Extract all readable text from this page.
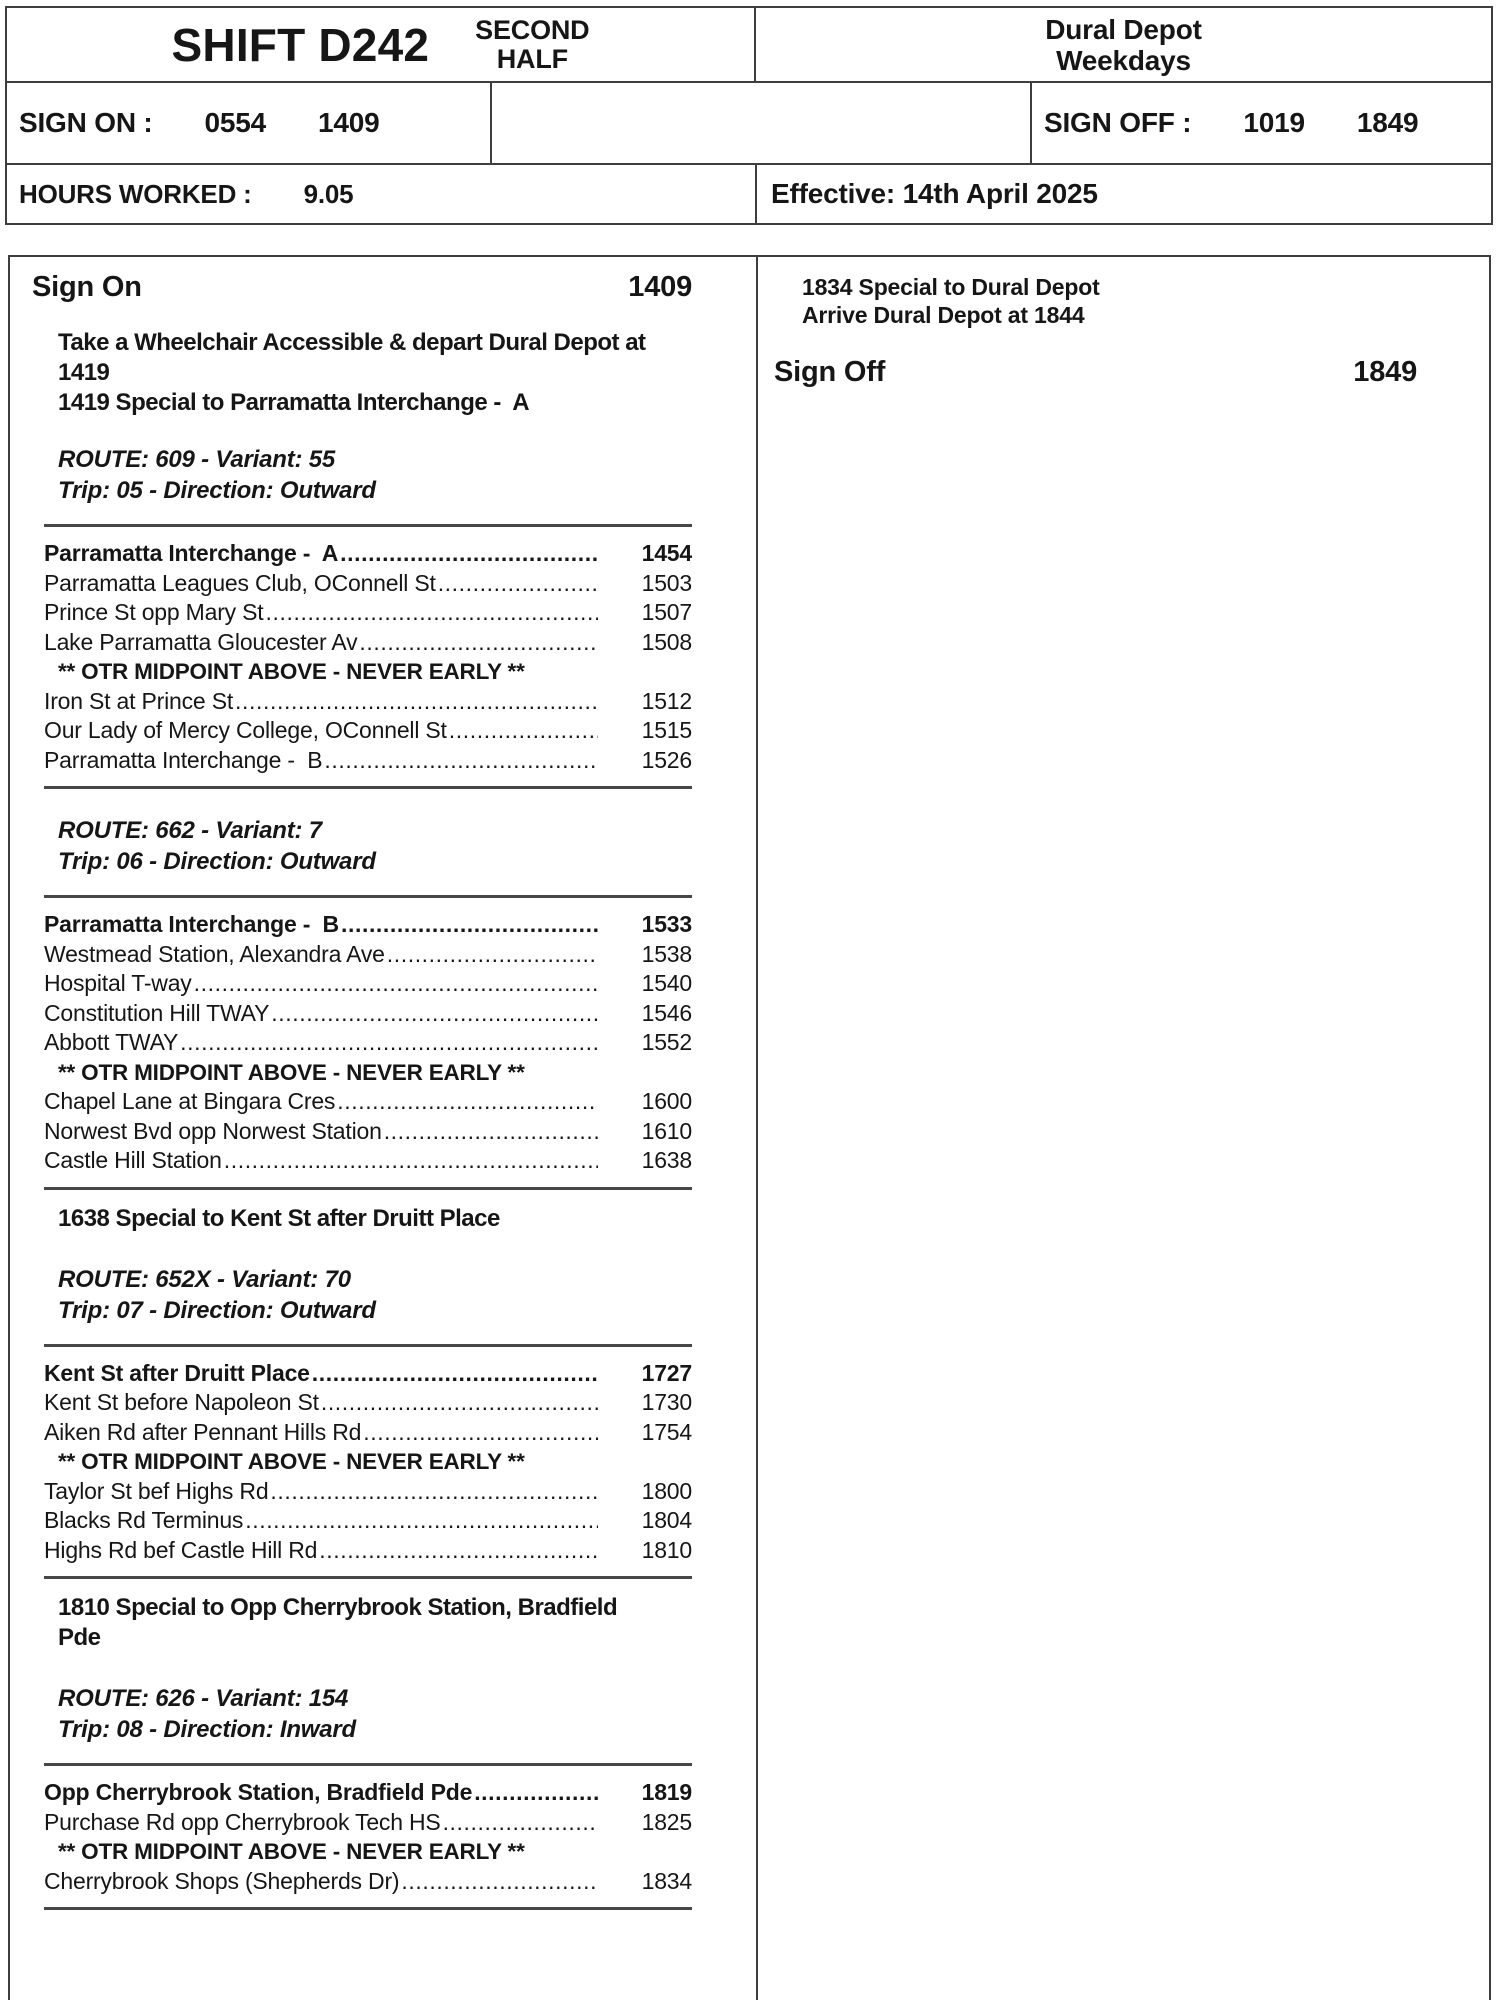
SHIFT D242 SECOND
HALF
Dural Depot
Weekdays
SIGN ON : 0554 1409	SIGN OFF : 1019 1849
HOURS WORKED : 9.05	Effective: 14th April 2025
Sign On	1409
Take a Wheelchair Accessible & depart Dural Depot at
1419
1419 Special to Parramatta Interchange -  A
ROUTE: 609 - Variant: 55
Trip: 05 - Direction: Outward
Parramatta Interchange -  A .....	1454
Parramatta Leagues Club, OConnell St .....	1503
Prince St opp Mary St .....	1507
Lake Parramatta Gloucester Av .....	1508
** OTR MIDPOINT ABOVE - NEVER EARLY **
Iron St at Prince St .....	1512
Our Lady of Mercy College, OConnell St .....	1515
Parramatta Interchange -  B .....	1526
ROUTE: 662 - Variant: 7
Trip: 06 - Direction: Outward
Parramatta Interchange -  B .....	1533
Westmead Station, Alexandra Ave .....	1538
Hospital T-way .....	1540
Constitution Hill TWAY .....	1546
Abbott TWAY .....	1552
** OTR MIDPOINT ABOVE - NEVER EARLY **
Chapel Lane at Bingara Cres .....	1600
Norwest Bvd opp Norwest Station .....	1610
Castle Hill Station .....	1638
1638 Special to Kent St after Druitt Place
ROUTE: 652X - Variant: 70
Trip: 07 - Direction: Outward
Kent St after Druitt Place .....	1727
Kent St before Napoleon St .....	1730
Aiken Rd after Pennant Hills Rd .....	1754
** OTR MIDPOINT ABOVE - NEVER EARLY **
Taylor St bef Highs Rd .....	1800
Blacks Rd Terminus .....	1804
Highs Rd bef Castle Hill Rd .....	1810
1810 Special to Opp Cherrybrook Station, Bradfield
Pde
ROUTE: 626 - Variant: 154
Trip: 08 - Direction: Inward
Opp Cherrybrook Station, Bradfield Pde .....	1819
Purchase Rd opp Cherrybrook Tech HS .....	1825
** OTR MIDPOINT ABOVE - NEVER EARLY **
Cherrybrook Shops (Shepherds Dr) .....	1834
1834 Special to Dural Depot
Arrive Dural Depot at 1844
Sign Off	1849
